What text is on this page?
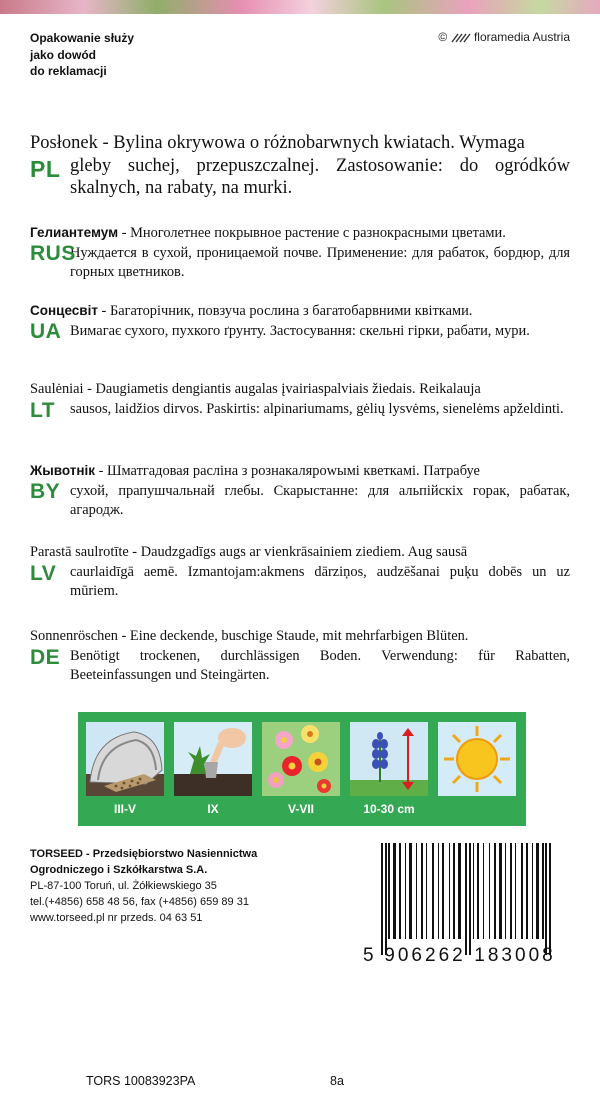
Opakowanie służy
jako dowód
do reklamacji
© floramedia Austria
PL
Posłonek - Bylina okrywowa o różnobarwnych kwiatach. Wymaga
gleby suchej, przepuszczalnej. Zastosowanie: do ogródków skalnych, na rabaty, na murki.
RUS
Гелиантемум - Многолетнее покрывное растение с разнокрасными цветами.
Нуждается в сухой, проницаемой почве. Применение: для рабаток, бордюр, для горных цветников.
UA
Сонцесвіт - Багаторічник, повзуча рослина з багатобарвними квітками.
Вимагає сухого, пухкого ґрунту. Застосування: скельні гірки, рабати, мури.
LT
Saulėniai - Daugiametis dengiantis augalas įvairiaspalviais žiedais. Reikalauja
sausos, laidžios dirvos. Paskirtis: alpinariumams, gėlių lysvėms, sienelėms apželdinti.
BY
Жывотнік - Шматгадовая расліна з рознакалярowымі кветкамі. Патрабуе
сухой, прапушчальнай глебы. Скарыстанне: для альпійскіх горак, рабатак, агародж.
LV
Parastā saulrotīte - Daudzgadīgs augs ar vienkrāsainiem ziediem. Aug sausā
caurlaidīgā aemē. Izmantojam:akmens dārziņos, audzēšanai puķu dobēs un uz mūriem.
DE
Sonnenröschen - Eine deckende, buschige Staude, mit mehrfarbigen Blüten.
Benötigt trockenen, durchlässigen Boden. Verwendung: für Rabatten, Beeteinfassungen und Steingärten.
III-V	IX	V-VII	10-30 cm
TORSEED - Przedsiębiorstwo Nasiennictwa
Ogrodniczego i Szkółkarstwa S.A.
PL-87-100 Toruń, ul. Żółkiewskiego 35
tel.(+4856) 658 48 56, fax (+4856) 659 89 31
www.torseed.pl nr przeds. 04 63 51
5 906262 183008
TORS 10083923PA	8a
